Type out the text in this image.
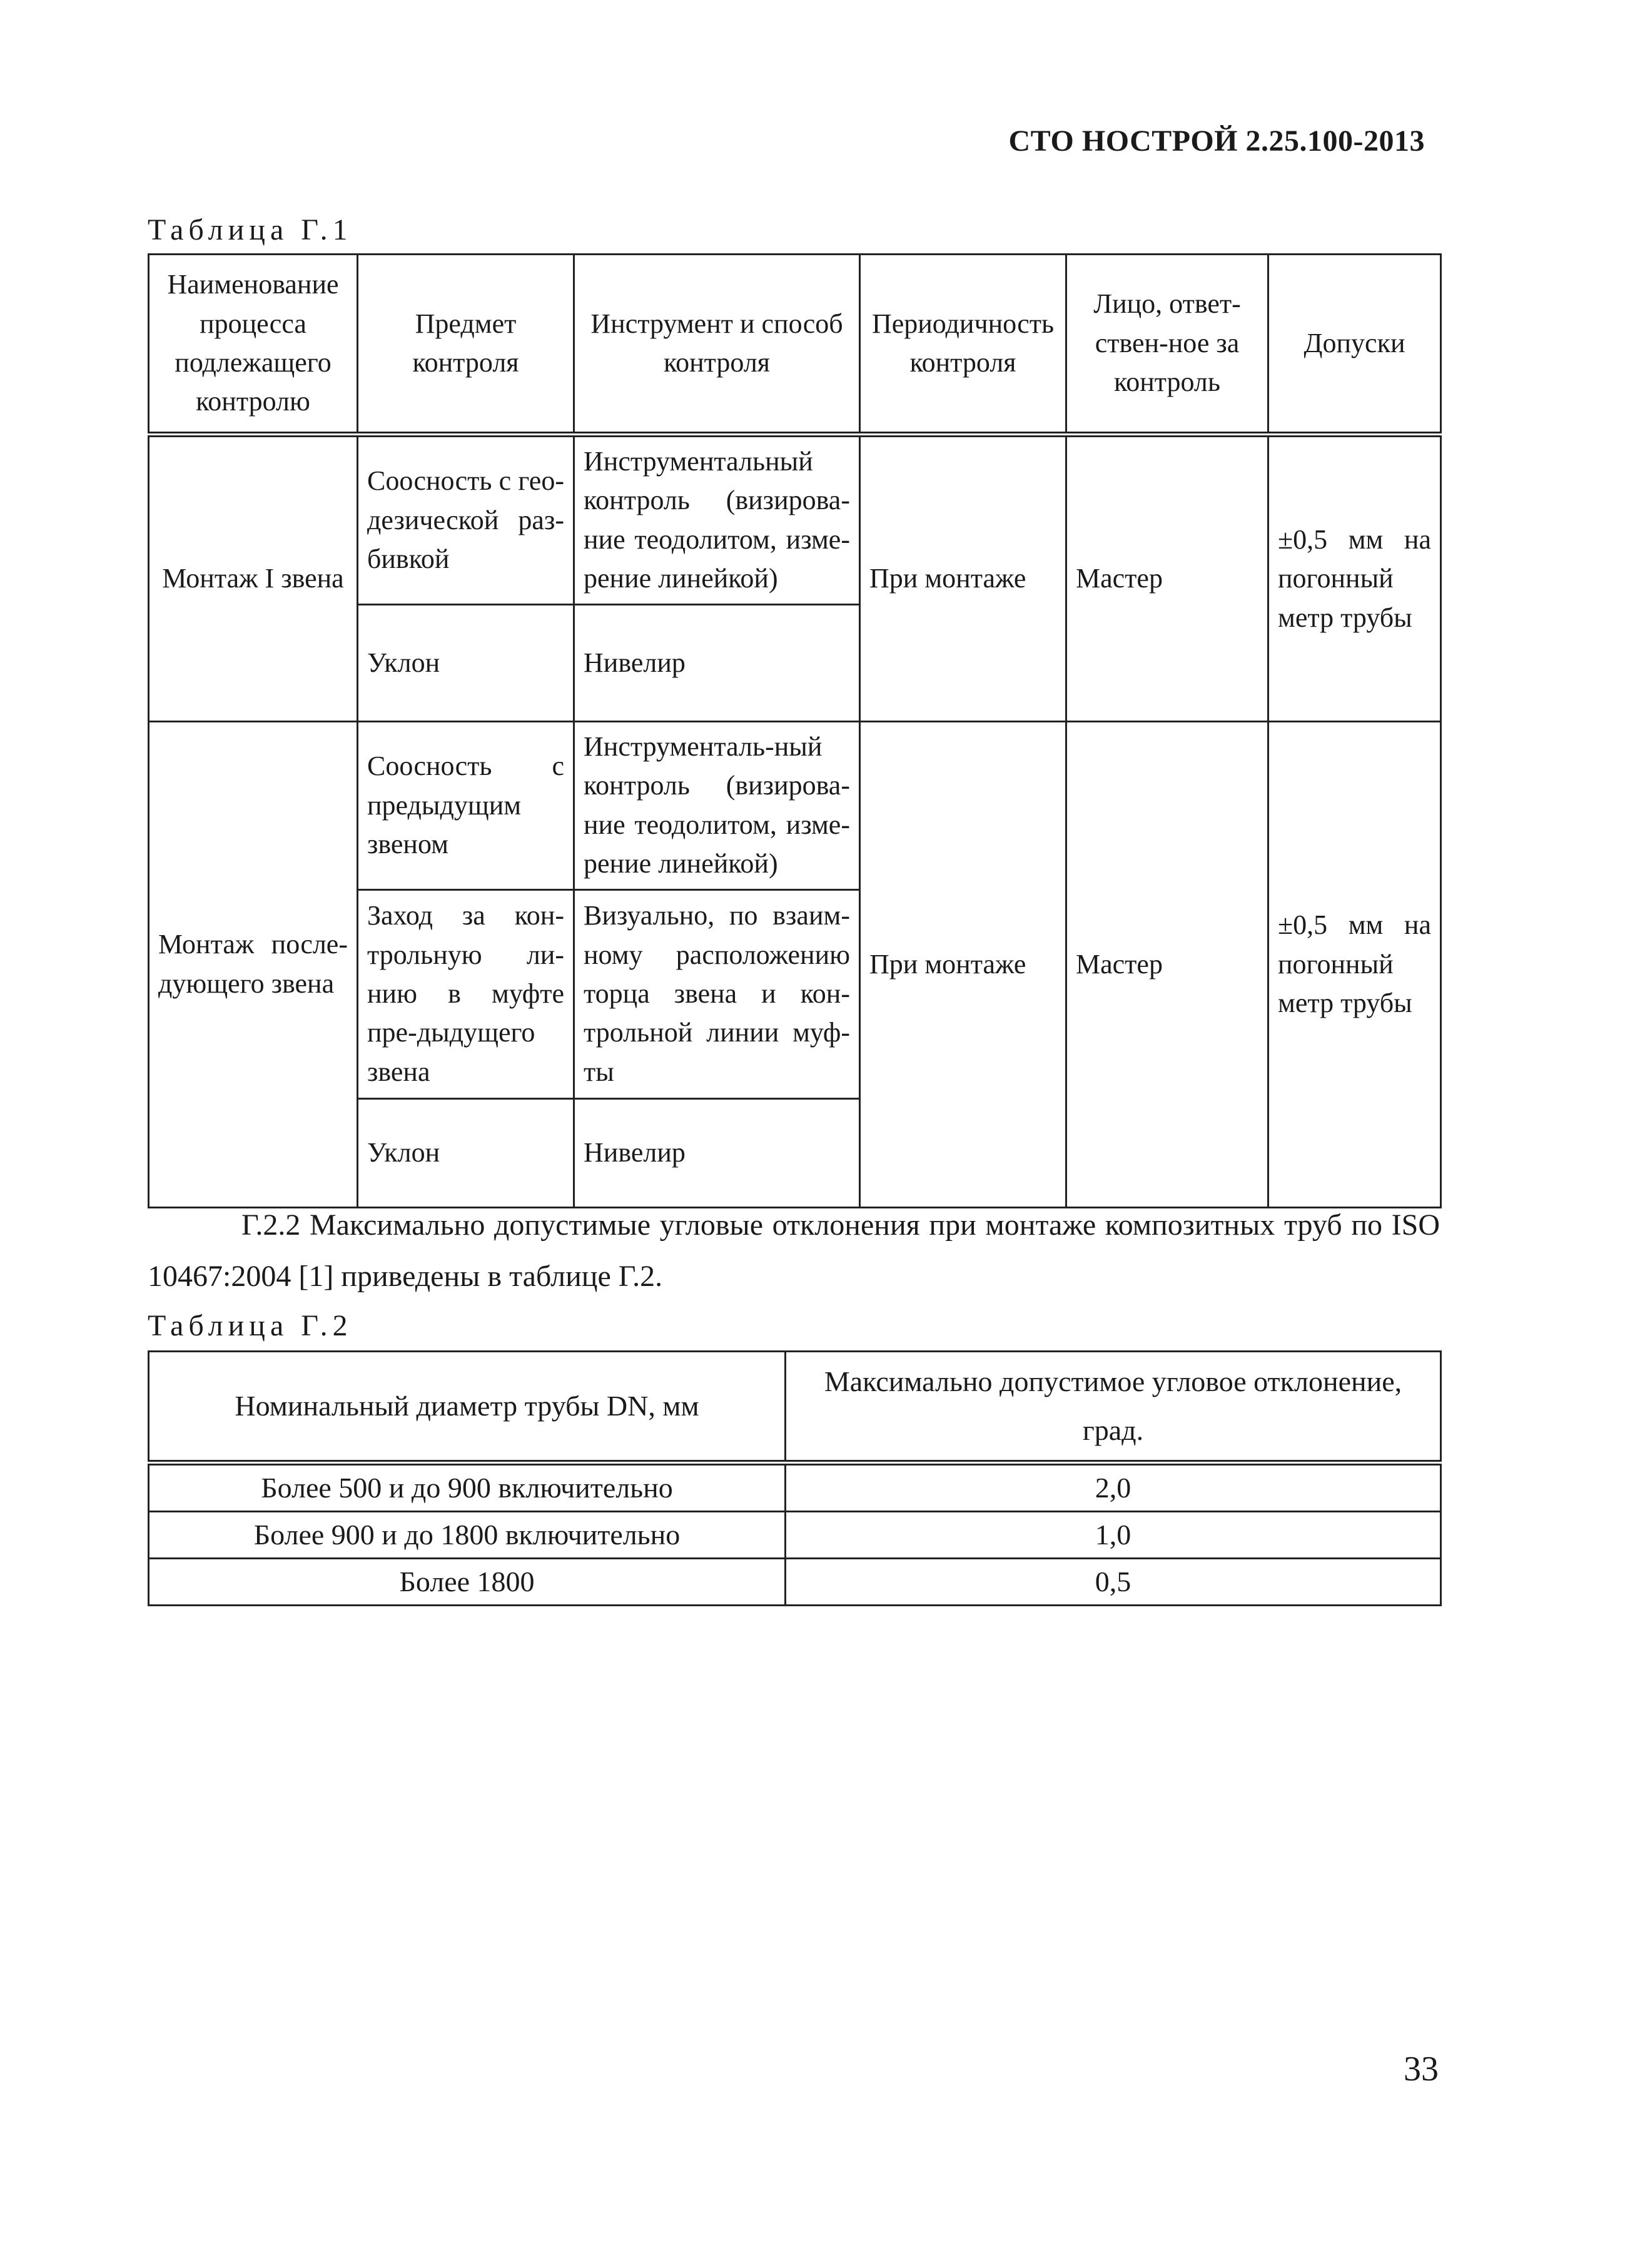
СТО НОСТРОЙ 2.25.100-2013
Таблица Г.1
Наименование процесса подлежащего контролю	Предмет контроля	Инструмент и способ контроля	Периодичность контроля	Лицо, ответ-ствен-ное за контроль	Допуски
Монтаж I звена	Соосность с гео-дезической раз-бивкой	Инструментальный контроль (визирова-ние теодолитом, изме-рение линейкой)	При монтаже	Мастер	±0,5 мм на погонный метр трубы
	Уклон	Нивелир			
Монтаж после-дующего звена	Соосность с предыдущим звеном	Инструменталь-ный контроль (визирова-ние теодолитом, изме-рение линейкой)	При монтаже	Мастер	±0,5 мм на погонный метр трубы
	Заход за кон-трольную ли-нию в муфте пре-дыдущего звена	Визуально, по взаим-ному расположению торца звена и кон-трольной линии муф-ты			
	Уклон	Нивелир			
Г.2.2 Максимально допустимые угловые отклонения при монтаже композитных труб по ISO 10467:2004 [1] приведены в таблице Г.2.
Таблица Г.2
Номинальный диаметр трубы DN, мм	Максимально допустимое угловое отклонение, град.
Более 500 и до 900 включительно	2,0
Более 900 и до 1800 включительно	1,0
Более 1800	0,5
33
